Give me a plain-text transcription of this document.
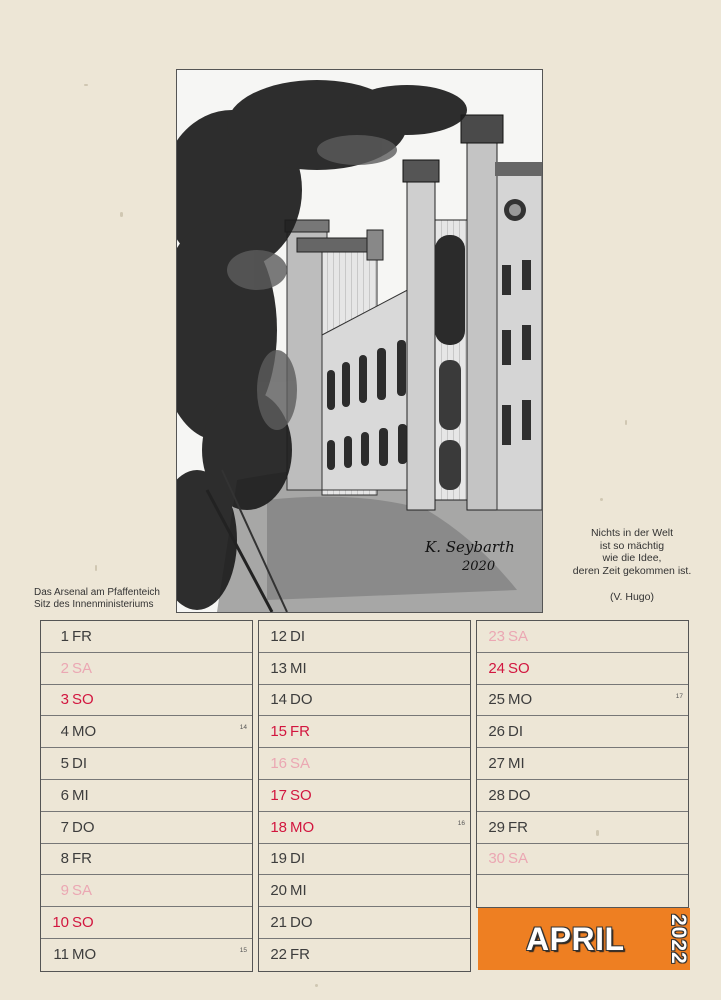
K. Seybarth
2020
Das Arsenal am Pfaffenteich
Sitz des Innenministeriums
Nichts in der Welt
ist so mächtig
wie die Idee,
deren Zeit gekommen ist.
(V. Hugo)
1 FR
2 SA
3 SO
4 MO	14
5 DI
6 MI
7 DO
8 FR
9 SA
10 SO
11 MO	15
12 DI
13 MI
14 DO
15 FR
16 SA
17 SO
18 MO	16
19 DI
20 MI
21 DO
22 FR
23 SA
24 SO
25 MO	17
26 DI
27 MI
28 DO
29 FR
30 SA
APRIL 2022
